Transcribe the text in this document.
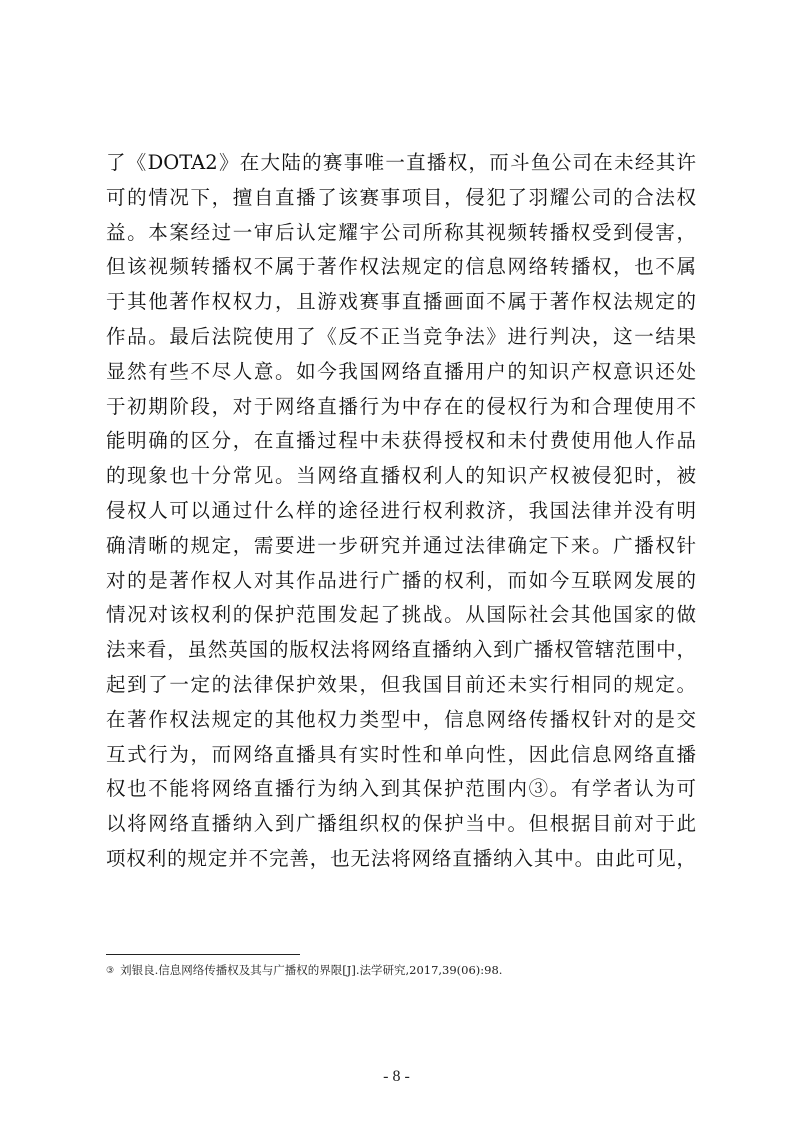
了《DOTA2》在大陆的赛事唯一直播权，而斗鱼公司在未经其许
可的情况下，擅自直播了该赛事项目，侵犯了羽耀公司的合法权
益。本案经过一审后认定耀宇公司所称其视频转播权受到侵害，
但该视频转播权不属于著作权法规定的信息网络转播权，也不属
于其他著作权权力，且游戏赛事直播画面不属于著作权法规定的
作品。最后法院使用了《反不正当竞争法》进行判决，这一结果
显然有些不尽人意。如今我国网络直播用户的知识产权意识还处
于初期阶段，对于网络直播行为中存在的侵权行为和合理使用不
能明确的区分，在直播过程中未获得授权和未付费使用他人作品
的现象也十分常见。当网络直播权利人的知识产权被侵犯时，被
侵权人可以通过什么样的途径进行权利救济，我国法律并没有明
确清晰的规定，需要进一步研究并通过法律确定下来。广播权针
对的是著作权人对其作品进行广播的权利，而如今互联网发展的
情况对该权利的保护范围发起了挑战。从国际社会其他国家的做
法来看，虽然英国的版权法将网络直播纳入到广播权管辖范围中，
起到了一定的法律保护效果，但我国目前还未实行相同的规定。
在著作权法规定的其他权力类型中，信息网络传播权针对的是交
互式行为，而网络直播具有实时性和单向性，因此信息网络直播
权也不能将网络直播行为纳入到其保护范围内③。有学者认为可
以将网络直播纳入到广播组织权的保护当中。但根据目前对于此
项权利的规定并不完善，也无法将网络直播纳入其中。由此可见，
③ 刘银良.信息网络传播权及其与广播权的界限[J].法学研究,2017,39(06):98.
- 8 -
